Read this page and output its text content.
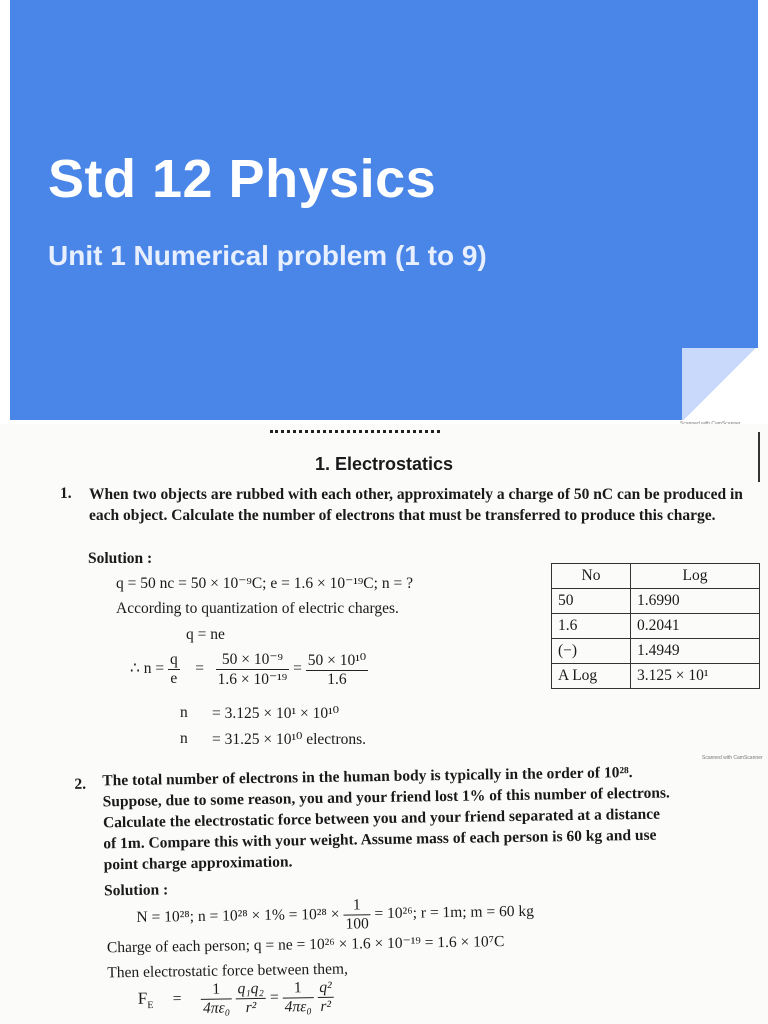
Std 12 Physics
Unit 1 Numerical problem (1 to 9)
1. Electrostatics
1. When two objects are rubbed with each other, approximately a charge of 50 nC can be produced in each object. Calculate the number of electrons that must be transferred to produce this charge.
Solution :
q = 50 nc = 50 × 10⁻⁹C; e = 1.6 × 10⁻¹⁹C; n = ?
According to quantization of electric charges.
q = ne
∴ $n = \frac{q}{e} = \frac{\text{50 × 10⁻⁹}}{\text{1.6 × 10⁻¹⁹}} = \frac{\text{50 × 10¹⁰}}{1.6}$
n = 3.125 × 10¹ × 10¹⁰
n = 31.25 × 10¹⁰ electrons.
No	Log
50	1.6990
1.6	0.2041
(−)	1.4949
A Log	3.125 × 10¹
Scanned with CamScanner
2. The total number of electrons in the human body is typically in the order of 10²⁸.
Suppose, due to some reason, you and your friend lost 1% of this number of electrons.
Calculate the electrostatic force between you and your friend separated at a distance
of 1m. Compare this with your weight. Assume mass of each person is 60 kg and use
point charge approximation.
Solution :
N = 10²⁸; $n = 10^{28} \times 1\% = 10^{28} \times \frac{1}{100} = 10^{26}$; r = 1m; m = 60 kg
Charge of each person; q = ne = 10²⁶ × 1.6 × 10⁻¹⁹ = 1.6 × 10⁷C
Then electrostatic force between them,
$F_E = \frac{1}{\text{4πε₀}}$
$\frac{\text{q₁q₂}}{\text{r²}} = \frac{1}{\text{4πε₀}}$
$\frac{\text{q²}}{\text{r²}}$
